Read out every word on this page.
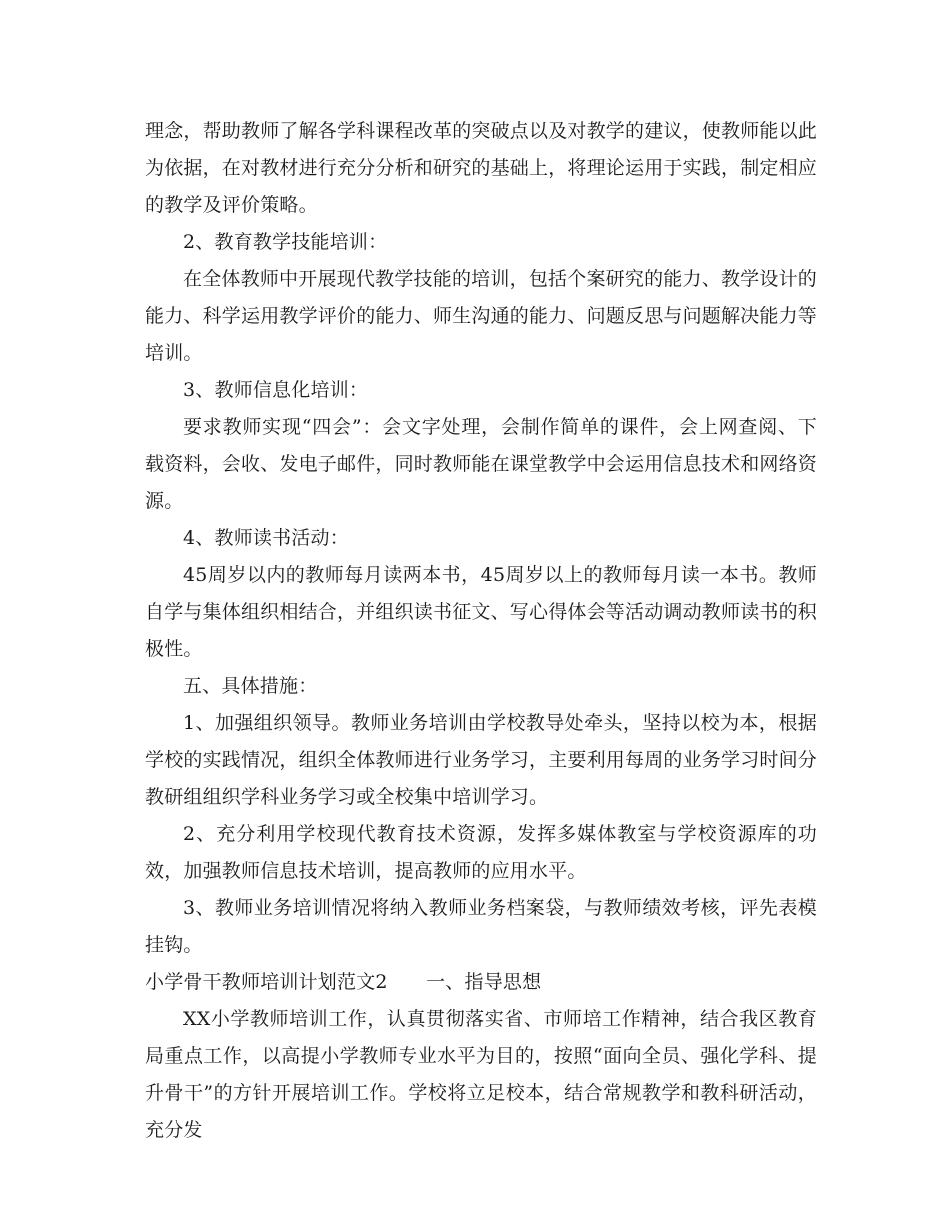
理念，帮助教师了解各学科课程改革的突破点以及对教学的建议，使教师能以此为依据，在对教材进行充分分析和研究的基础上，将理论运用于实践，制定相应的教学及评价策略。

2、教育教学技能培训：

在全体教师中开展现代教学技能的培训，包括个案研究的能力、教学设计的能力、科学运用教学评价的能力、师生沟通的能力、问题反思与问题解决能力等培训。

3、教师信息化培训：

要求教师实现“四会”：会文字处理，会制作简单的课件，会上网查阅、下载资料，会收、发电子邮件，同时教师能在课堂教学中会运用信息技术和网络资源。

4、教师读书活动：

45周岁以内的教师每月读两本书，45周岁以上的教师每月读一本书。教师自学与集体组织相结合，并组织读书征文、写心得体会等活动调动教师读书的积极性。

五、具体措施：

1、加强组织领导。教师业务培训由学校教导处牵头，坚持以校为本，根据学校的实践情况，组织全体教师进行业务学习，主要利用每周的业务学习时间分教研组组织学科业务学习或全校集中培训学习。

2、充分利用学校现代教育技术资源，发挥多媒体教室与学校资源库的功效，加强教师信息技术培训，提高教师的应用水平。

3、教师业务培训情况将纳入教师业务档案袋，与教师绩效考核，评先表模挂钩。

小学骨干教师培训计划范文2　　一、指导思想

XX小学教师培训工作，认真贯彻落实省、市师培工作精神，结合我区教育局重点工作，以高提小学教师专业水平为目的，按照“面向全员、强化学科、提升骨干”的方针开展培训工作。学校将立足校本，结合常规教学和教科研活动，充分发
